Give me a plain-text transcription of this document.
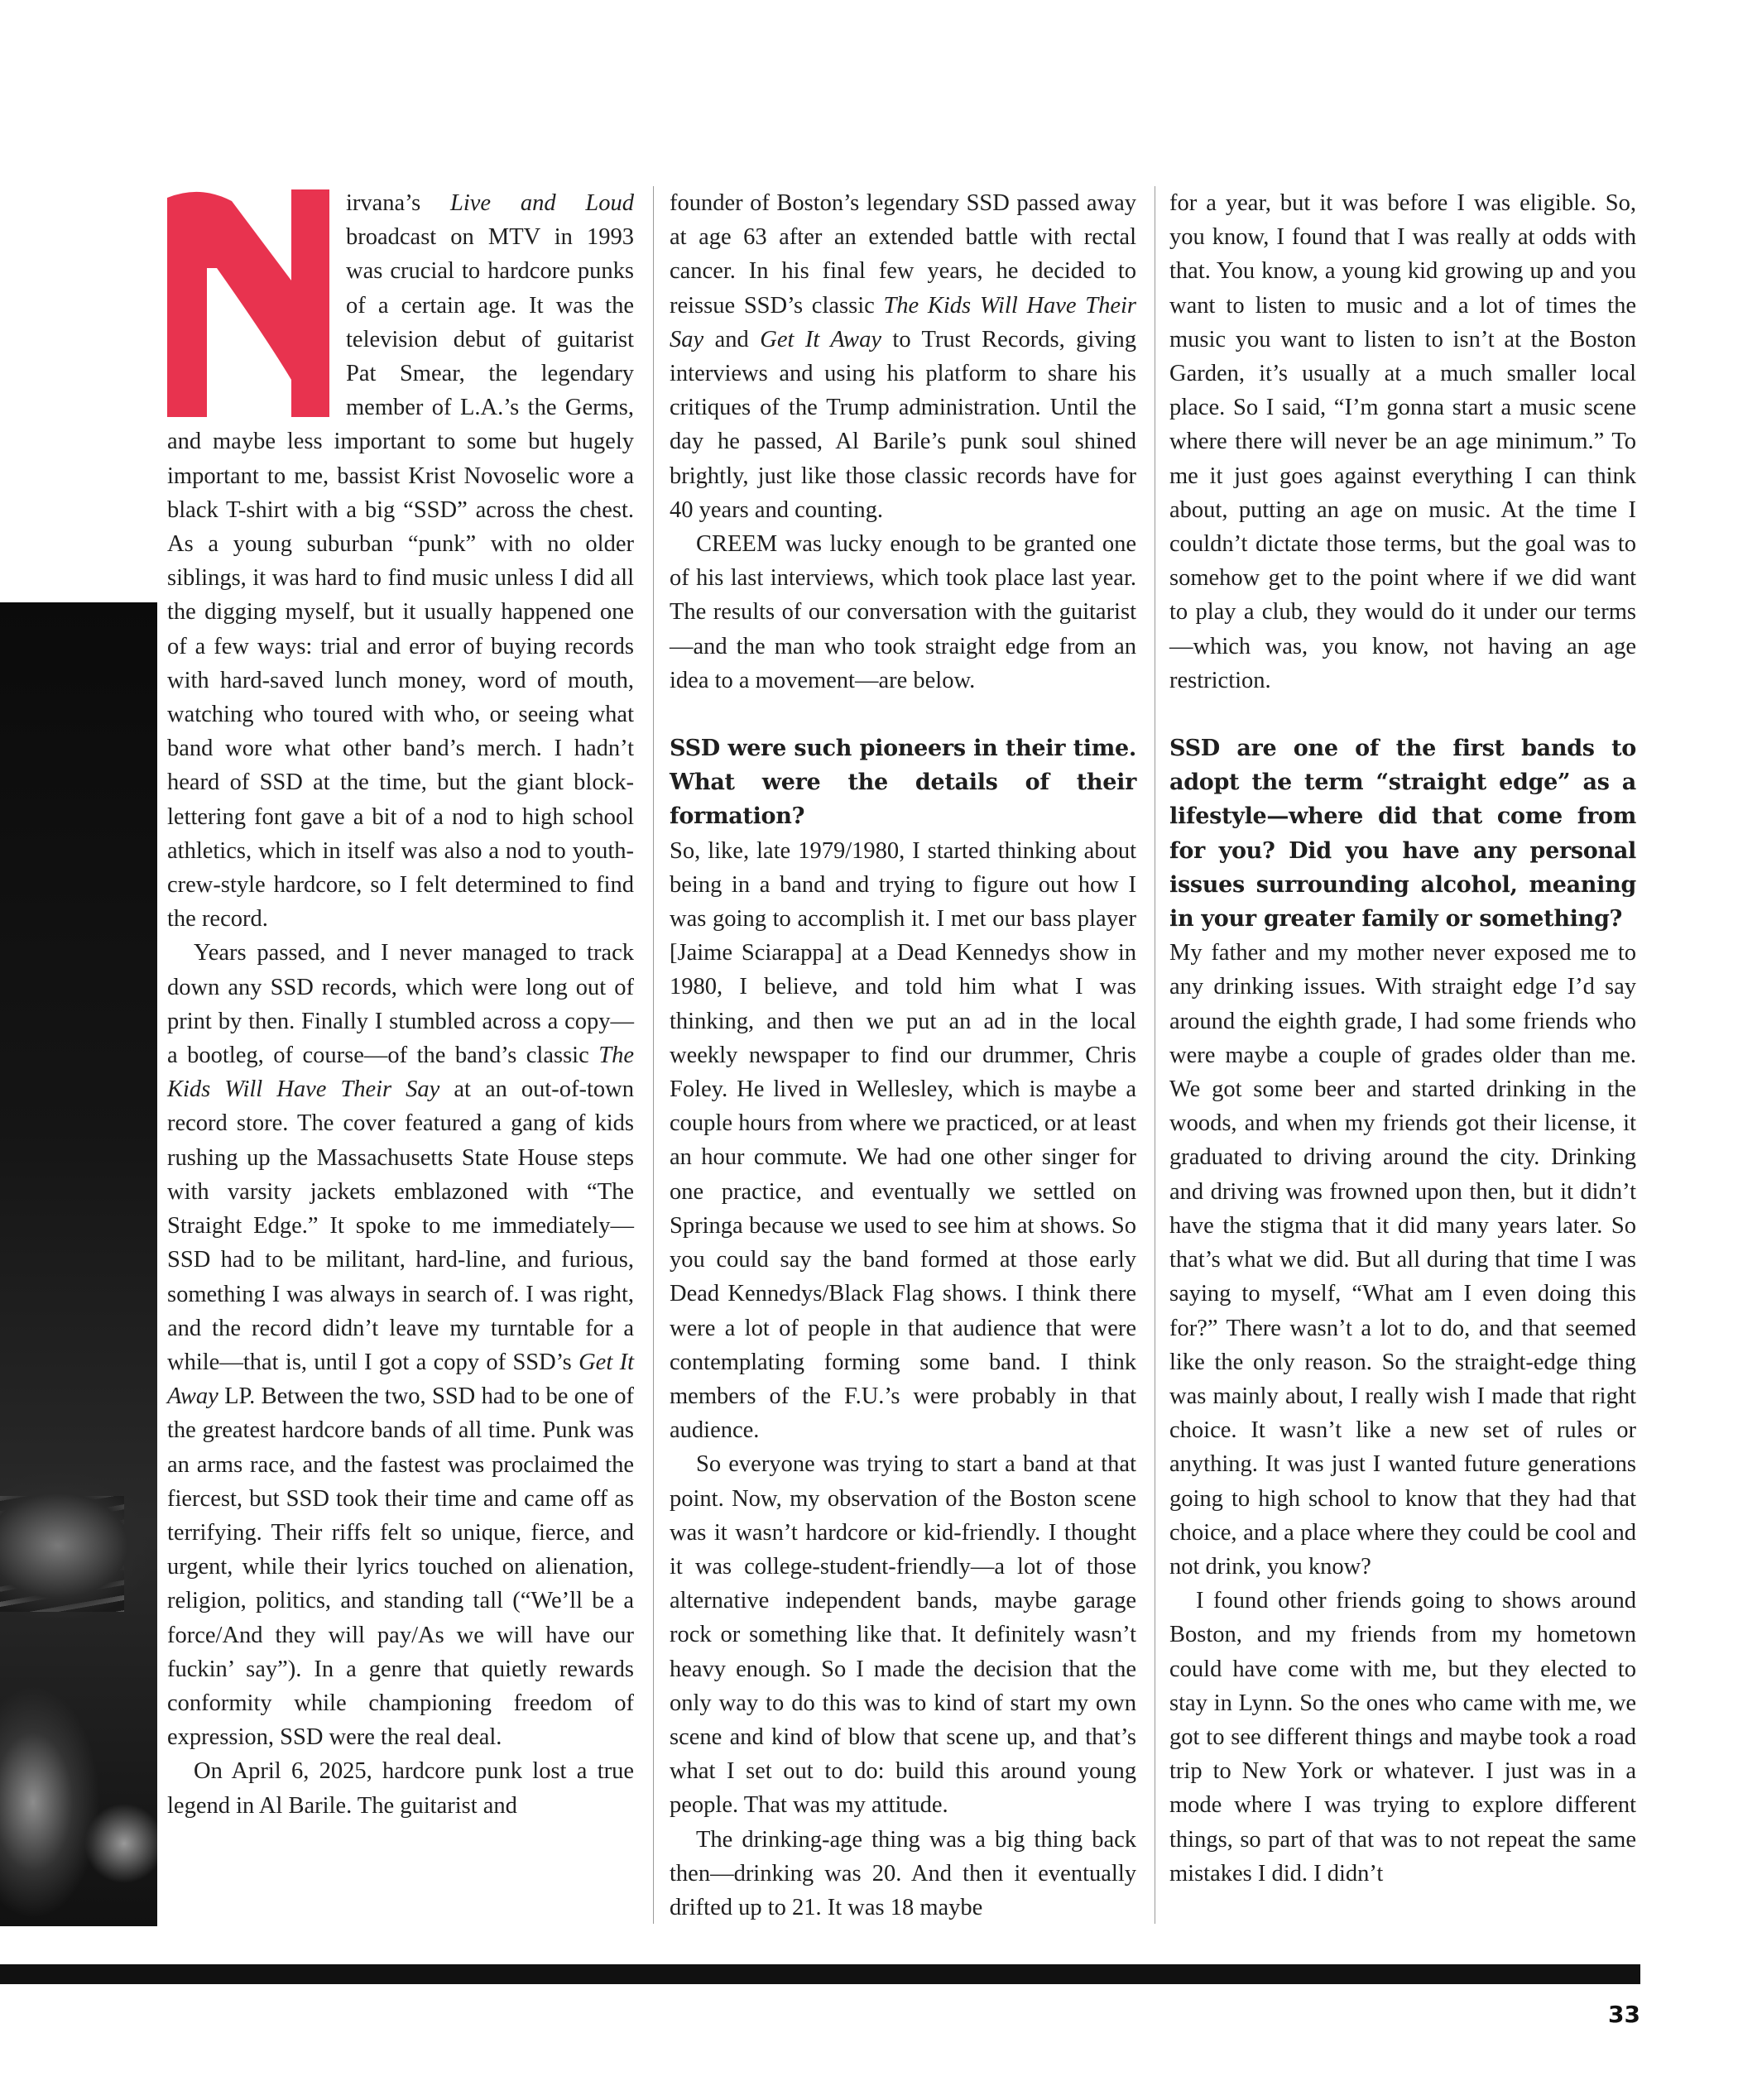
irvana’s Live and Loud broadcast on MTV in 1993 was crucial to hardcore punks of a certain age. It was the television debut of guitarist Pat Smear, the legendary member of L.A.’s the Germs, and maybe less important to some but hugely important to me, bassist Krist Novoselic wore a black T-shirt with a big “SSD” across the chest. As a young suburban “punk” with no older siblings, it was hard to find music unless I did all the digging myself, but it usually happened one of a few ways: trial and error of buying records with hard-saved lunch money, word of mouth, watching who toured with who, or seeing what band wore what other band’s merch. I hadn’t heard of SSD at the time, but the giant block-lettering font gave a bit of a nod to high school athletics, which in itself was also a nod to youth-crew-style hardcore, so I felt determined to find the record.

Years passed, and I never managed to track down any SSD records, which were long out of print by then. Finally I stumbled across a copy—a bootleg, of course—of the band’s classic The Kids Will Have Their Say at an out-of-town record store. The cover featured a gang of kids rushing up the Massachusetts State House steps with varsity jackets emblazoned with “The Straight Edge.” It spoke to me immediately—SSD had to be militant, hard-line, and furious, something I was always in search of. I was right, and the record didn’t leave my turntable for a while—that is, until I got a copy of SSD’s Get It Away LP. Between the two, SSD had to be one of the greatest hardcore bands of all time. Punk was an arms race, and the fastest was proclaimed the fiercest, but SSD took their time and came off as terrifying. Their riffs felt so unique, fierce, and urgent, while their lyrics touched on alienation, religion, politics, and standing tall (“We’ll be a force/And they will pay/As we will have our fuckin’ say”). In a genre that quietly rewards conformity while championing freedom of expression, SSD were the real deal.

On April 6, 2025, hardcore punk lost a true legend in Al Barile. The guitarist and

founder of Boston’s legendary SSD passed away at age 63 after an extended battle with rectal cancer. In his final few years, he decided to reissue SSD’s classic The Kids Will Have Their Say and Get It Away to Trust Records, giving interviews and using his platform to share his critiques of the Trump administration. Until the day he passed, Al Barile’s punk soul shined brightly, just like those classic records have for 40 years and counting.

CREEM was lucky enough to be granted one of his last interviews, which took place last year. The results of our conversation with the guitarist—and the man who took straight edge from an idea to a movement—are below.

SSD were such pioneers in their time. What were the details of their formation?

So, like, late 1979/1980, I started thinking about being in a band and trying to figure out how I was going to accomplish it. I met our bass player [Jaime Sciarappa] at a Dead Kennedys show in 1980, I believe, and told him what I was thinking, and then we put an ad in the local weekly newspaper to find our drummer, Chris Foley. He lived in Wellesley, which is maybe a couple hours from where we practiced, or at least an hour commute. We had one other singer for one practice, and eventually we settled on Springa because we used to see him at shows. So you could say the band formed at those early Dead Kennedys/Black Flag shows. I think there were a lot of people in that audience that were contemplating forming some band. I think members of the F.U.’s were probably in that audience.

So everyone was trying to start a band at that point. Now, my observation of the Boston scene was it wasn’t hardcore or kid-friendly. I thought it was college-student-friendly—a lot of those alternative independent bands, maybe garage rock or something like that. It definitely wasn’t heavy enough. So I made the decision that the only way to do this was to kind of start my own scene and kind of blow that scene up, and that’s what I set out to do: build this around young people. That was my attitude.

The drinking-age thing was a big thing back then—drinking was 20. And then it eventually drifted up to 21. It was 18 maybe

for a year, but it was before I was eligible. So, you know, I found that I was really at odds with that. You know, a young kid growing up and you want to listen to music and a lot of times the music you want to listen to isn’t at the Boston Garden, it’s usually at a much smaller local place. So I said, “I’m gonna start a music scene where there will never be an age minimum.” To me it just goes against everything I can think about, putting an age on music. At the time I couldn’t dictate those terms, but the goal was to somehow get to the point where if we did want to play a club, they would do it under our terms—which was, you know, not having an age restriction.

SSD are one of the first bands to adopt the term “straight edge” as a lifestyle—where did that come from for you? Did you have any personal issues surrounding alcohol, meaning in your greater family or something?

My father and my mother never exposed me to any drinking issues. With straight edge I’d say around the eighth grade, I had some friends who were maybe a couple of grades older than me. We got some beer and started drinking in the woods, and when my friends got their license, it graduated to driving around the city. Drinking and driving was frowned upon then, but it didn’t have the stigma that it did many years later. So that’s what we did. But all during that time I was saying to myself, “What am I even doing this for?” There wasn’t a lot to do, and that seemed like the only reason. So the straight-edge thing was mainly about, I really wish I made that right choice. It wasn’t like a new set of rules or anything. It was just I wanted future generations going to high school to know that they had that choice, and a place where they could be cool and not drink, you know?

I found other friends going to shows around Boston, and my friends from my hometown could have come with me, but they elected to stay in Lynn. So the ones who came with me, we got to see different things and maybe took a road trip to New York or whatever. I just was in a mode where I was trying to explore different things, so part of that was to not repeat the same mistakes I did. I didn’t

33
